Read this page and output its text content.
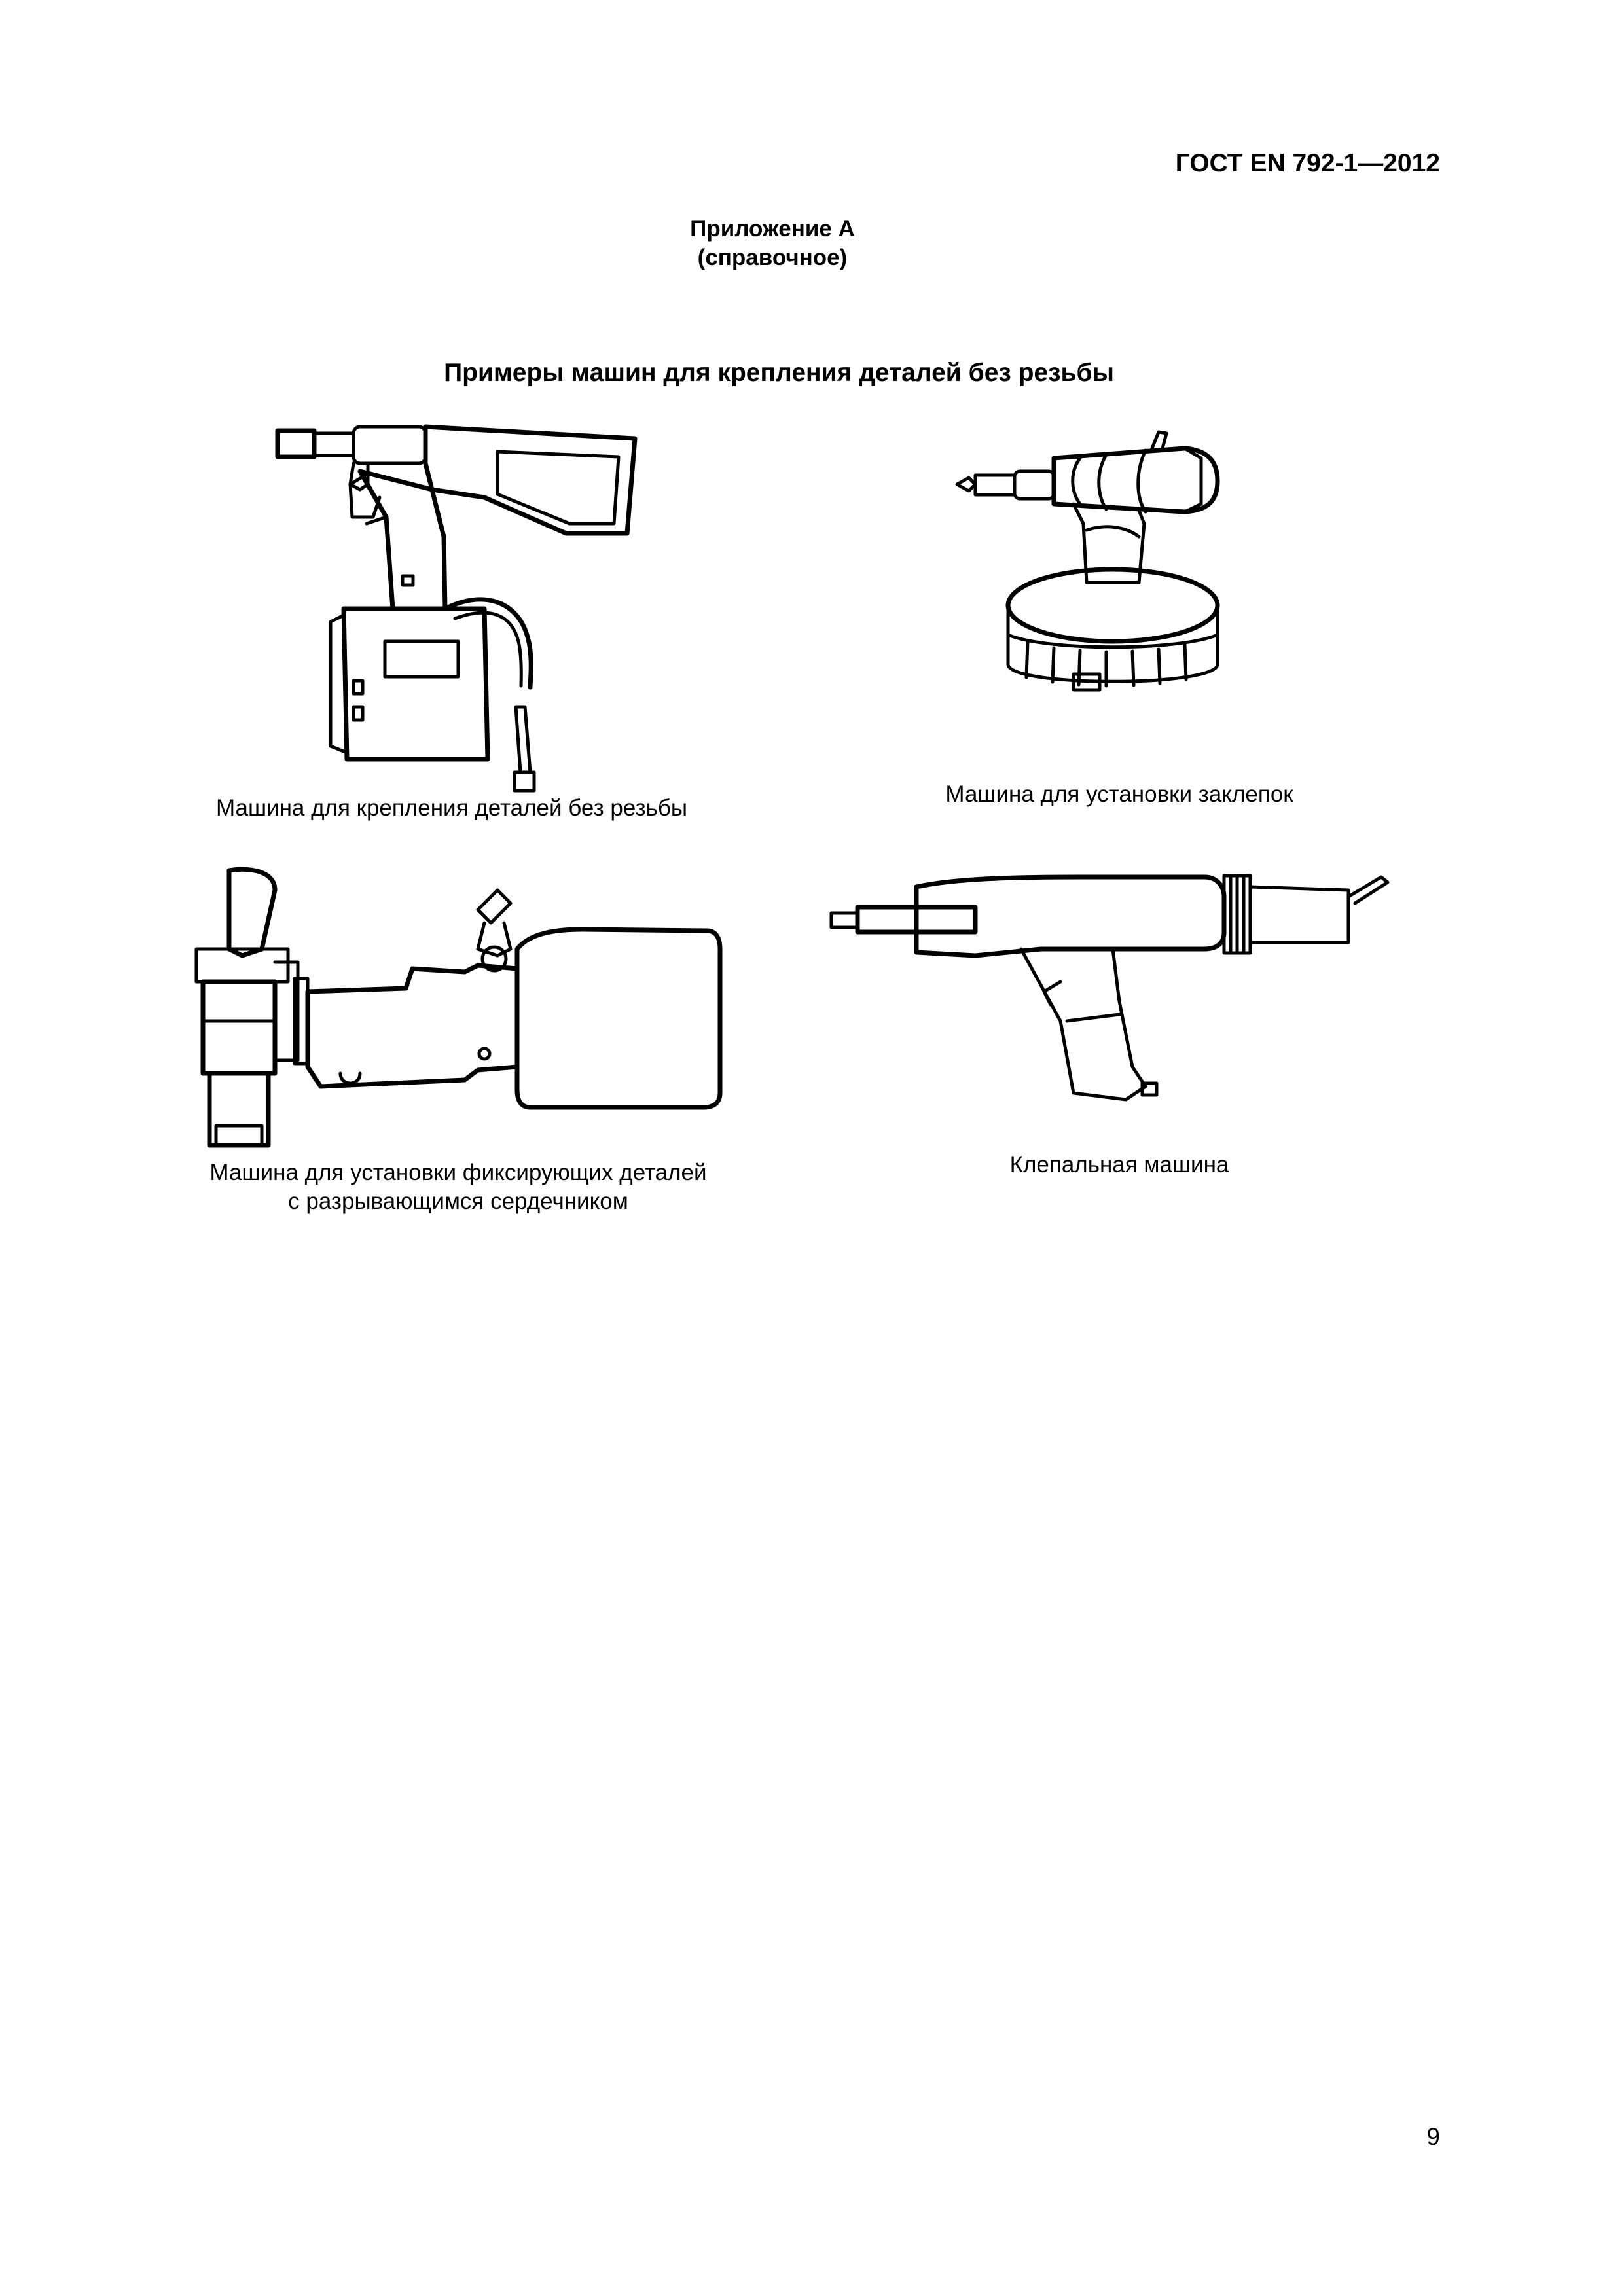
ГОСТ EN 792-1—2012
Приложение А
(справочное)
Примеры машин для крепления деталей без резьбы
Машина для крепления деталей без резьбы
Машина для установки заклепок
Машина для установки фиксирующих деталей
с разрывающимся сердечником
Клепальная машина
9
